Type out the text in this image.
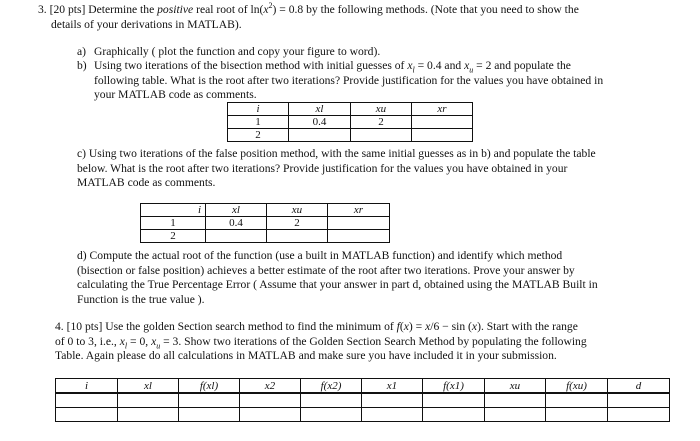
3. [20 pts] Determine the positive real root of $\ln(x^2) = 0.8$ by the following methods. (Note that you need to show the
details of your derivations in MATLAB).
a) Graphically ( plot the function and copy your figure to word).
b) Using two iterations of the bisection method with initial guesses of $x_l = 0.4$ and $x_u = 2$ and populate the
following table. What is the root after two iterations? Provide justification for the values you have obtained in
your MATLAB code as comments.
i	xl	xu	xr
1	0.4	2	
2			
c) Using two iterations of the false position method, with the same initial guesses as in b) and populate the table
below. What is the root after two iterations? Provide justification for the values you have obtained in your
MATLAB code as comments.
i	xl	xu	xr
1	0.4	2	
2			
d) Compute the actual root of the function (use a built in MATLAB function) and identify which method
(bisection or false position) achieves a better estimate of the root after two iterations. Prove your answer by
calculating the True Percentage Error ( Assume that your answer in part d, obtained using the MATLAB Built in
Function is the true value ).
4. [10 pts] Use the golden Section search method to find the minimum of f(x) = x/6 − sin (x). Start with the range
of 0 to 3, i.e., $x_l = 0$, $x_u = 3$. Show two iterations of the Golden Section Search Method by populating the following
Table. Again please do all calculations in MATLAB and make sure you have included it in your submission.
i	xl	f(xl)	x2	f(x2)	x1	f(x1)	xu	f(xu)	d
